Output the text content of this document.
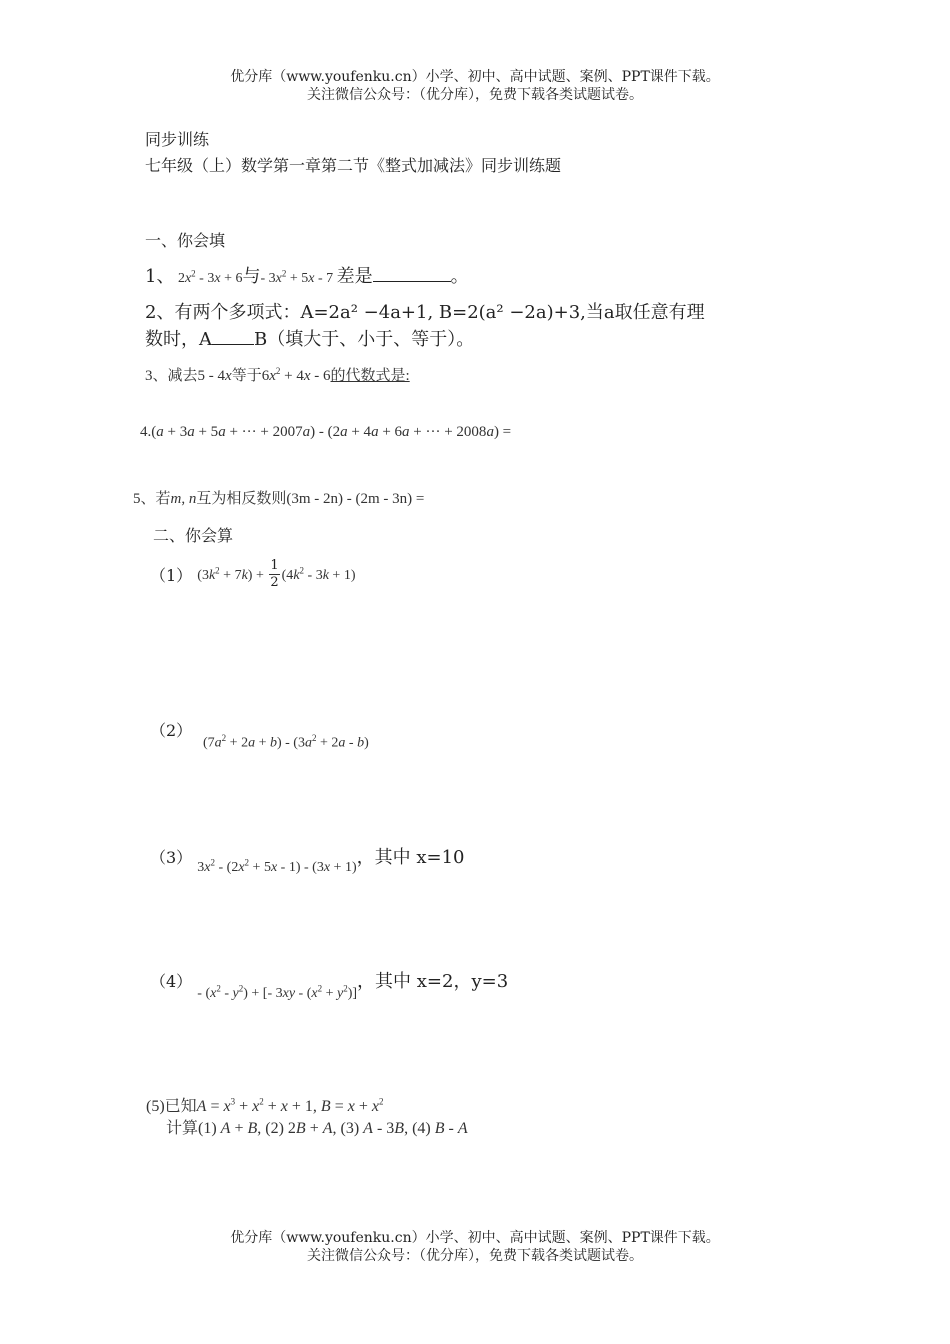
优分库（www.youfenku.cn）小学、初中、高中试题、案例、PPT课件下载。
关注微信公众号：（优分库），免费下载各类试题试卷。
同步训练
七年级（上）数学第一章第二节《整式加减法》同步训练题
一、你会填
1、 $2x^2 - 3x + 6$与- $3x^2 + 5x - 7$ 差是	。
2、有两个多项式：A=2a² −4a+1, B=2(a² −2a)+3,当a取任意有理
数时，A B（填大于、小于、等于）。
3、减去5 - 4x等于$6x^2 + 4x - 6$的代数式是:
4.(a + 3a + 5a + ··· + 2007a) - (2a + 4a + 6a + ··· + 2008a) =
5、若m, n互为相反数则(3m - 2n) - (2m - 3n) =
二、你会算
（1） $(3k^2 + 7k) + \frac{1}{2} (4k^2 - 3k + 1)$
（2）
$(7a^2 + 2a + b) - (3a^2 + 2a - b)$
（3） $3x^2 - (2x^2 + 5x - 1) - (3x + 1)$，其中 x=10
$(4) - (x^2 - y^2)$ + [- $3xy - (x^2 + y^2)$]，其中 x=2，y=3
(5)已知$A = x^3 + x^2 + x + 1$, $B = x + x^2$
计算(1) A + B, (2) 2B + A, (3) A - 3B, (4) B - A
优分库（www.youfenku.cn）小学、初中、高中试题、案例、PPT课件下载。
关注微信公众号：（优分库），免费下载各类试题试卷。
